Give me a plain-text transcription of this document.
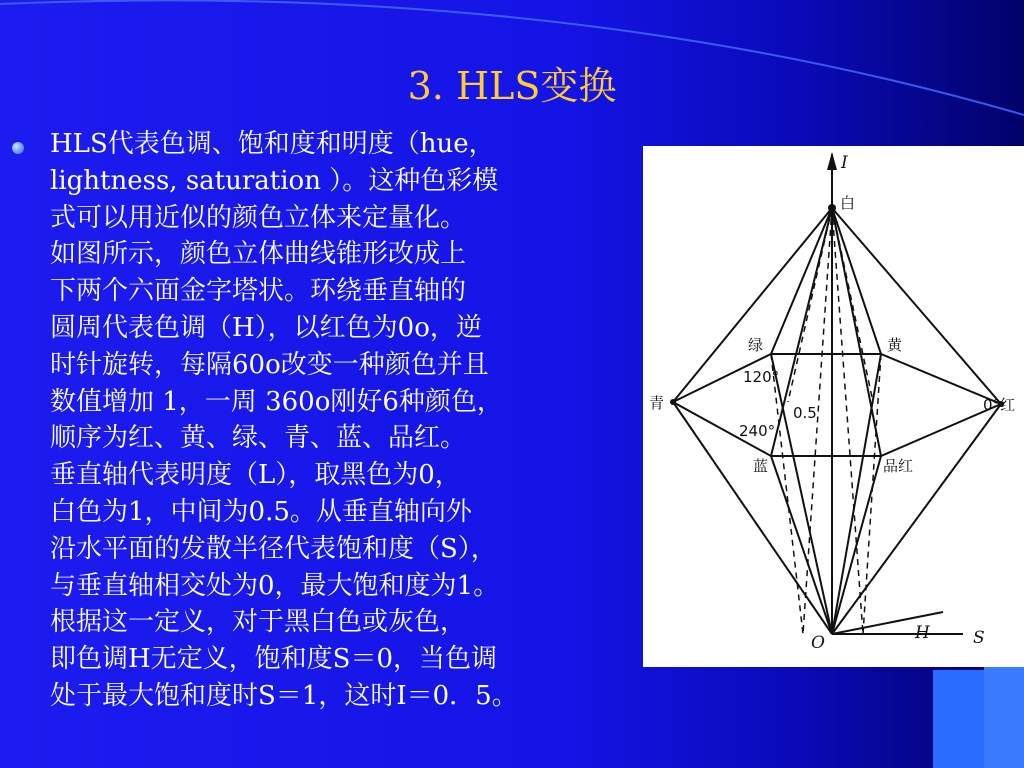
3. HLS变换
HLS代表色调、饱和度和明度（hue，
lightness, saturation ）。这种色彩模
式可以用近似的颜色立体来定量化。
如图所示，颜色立体曲线锥形改成上
下两个六面金字塔状。环绕垂直轴的
圆周代表色调（H），以红色为0o，逆
时针旋转，每隔60o改变一种颜色并且
数值增加 1，一周 360o刚好6种颜色，
顺序为红、黄、绿、青、蓝、品红。
垂直轴代表明度（L），取黑色为0，
白色为1，中间为0.5。从垂直轴向外
沿水平面的发散半径代表饱和度（S），
与垂直轴相交处为0，最大饱和度为1。
根据这一定义，对于黑白色或灰色，
即色调H无定义，饱和度S＝0，当色调
处于最大饱和度时S＝1，这时I＝0．5。
I
白
绿	黄
青	0°红
蓝	品红
120°
240°
0.5
O	H	S
